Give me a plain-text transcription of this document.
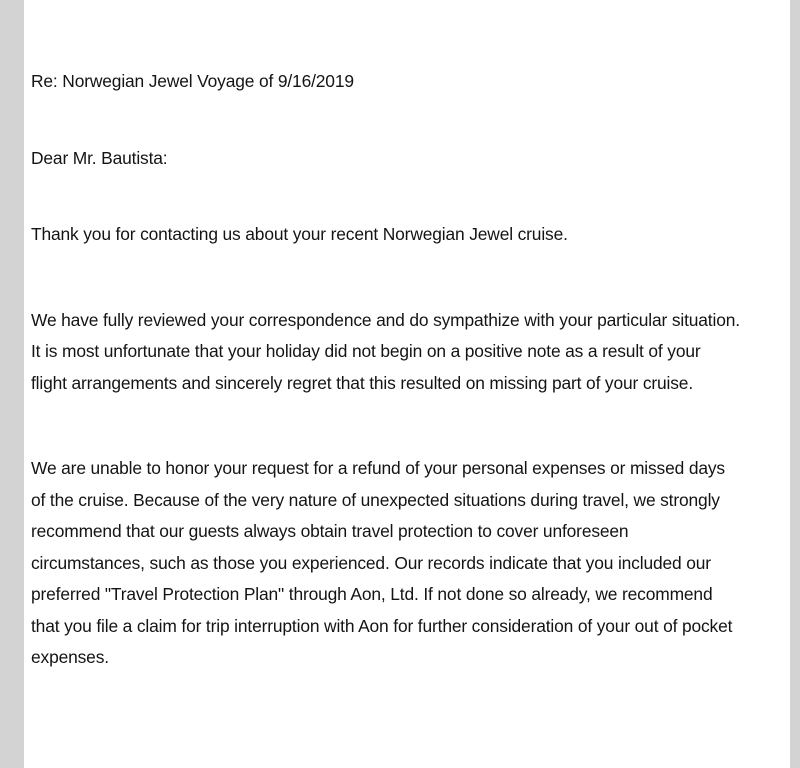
Re: Norwegian Jewel Voyage of 9/16/2019
Dear Mr. Bautista:
Thank you for contacting us about your recent Norwegian Jewel cruise.
We have fully reviewed your correspondence and do sympathize with your particular situation.
It is most unfortunate that your holiday did not begin on a positive note as a result of your
flight arrangements and sincerely regret that this resulted on missing part of your cruise.
We are unable to honor your request for a refund of your personal expenses or missed days
of the cruise. Because of the very nature of unexpected situations during travel, we strongly
recommend that our guests always obtain travel protection to cover unforeseen
circumstances, such as those you experienced. Our records indicate that you included our
preferred "Travel Protection Plan" through Aon, Ltd. If not done so already, we recommend
that you file a claim for trip interruption with Aon for further consideration of your out of pocket
expenses.
